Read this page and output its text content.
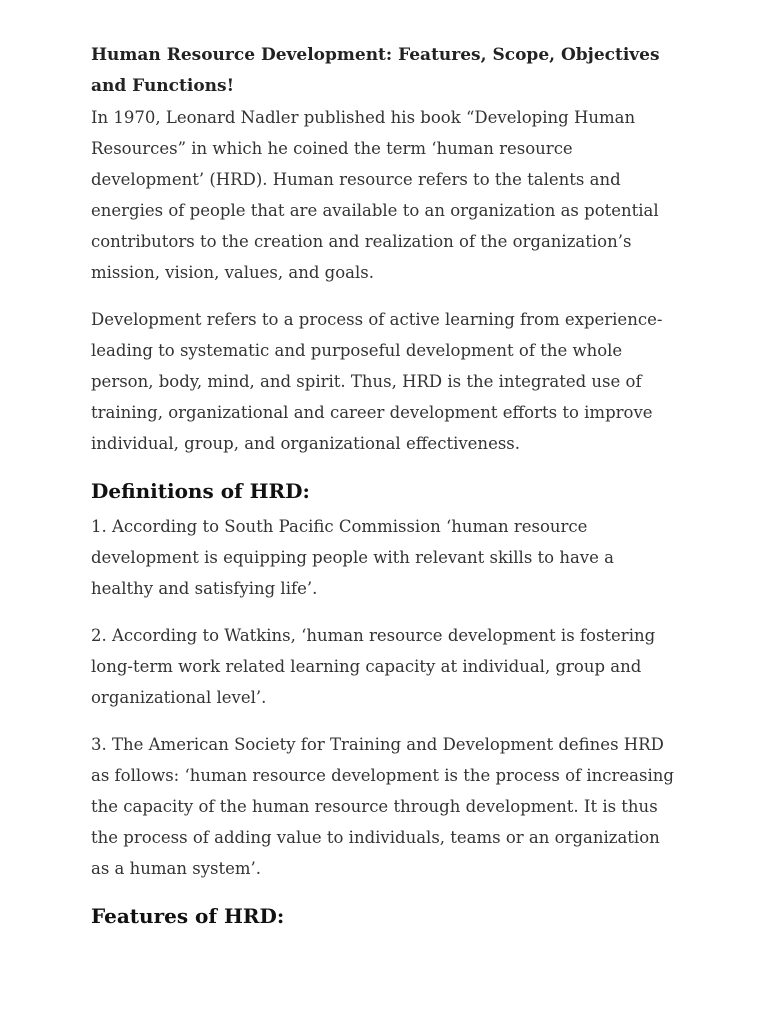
Human Resource Development: Features, Scope, Objectives and Functions!

In 1970, Leonard Nadler published his book “Developing Human Resources” in which he coined the term ‘human resource development’ (HRD). Human resource refers to the talents and energies of people that are available to an organization as potential contributors to the creation and realization of the organization’s mission, vision, values, and goals.

Development refers to a process of active learning from experience-leading to systematic and purposeful development of the whole person, body, mind, and spirit. Thus, HRD is the integrated use of training, organizational and career development efforts to improve individual, group, and organizational effectiveness.

Definitions of HRD:

1. According to South Pacific Commission ‘human resource development is equipping people with relevant skills to have a healthy and satisfying life’.

2. According to Watkins, ‘human resource development is fostering long-term work related learning capacity at individual, group and organizational level’.

3. The American Society for Training and Development defines HRD as follows: ‘human resource development is the process of increasing the capacity of the human resource through development. It is thus the process of adding value to individuals, teams or an organization as a human system’.

Features of HRD:
